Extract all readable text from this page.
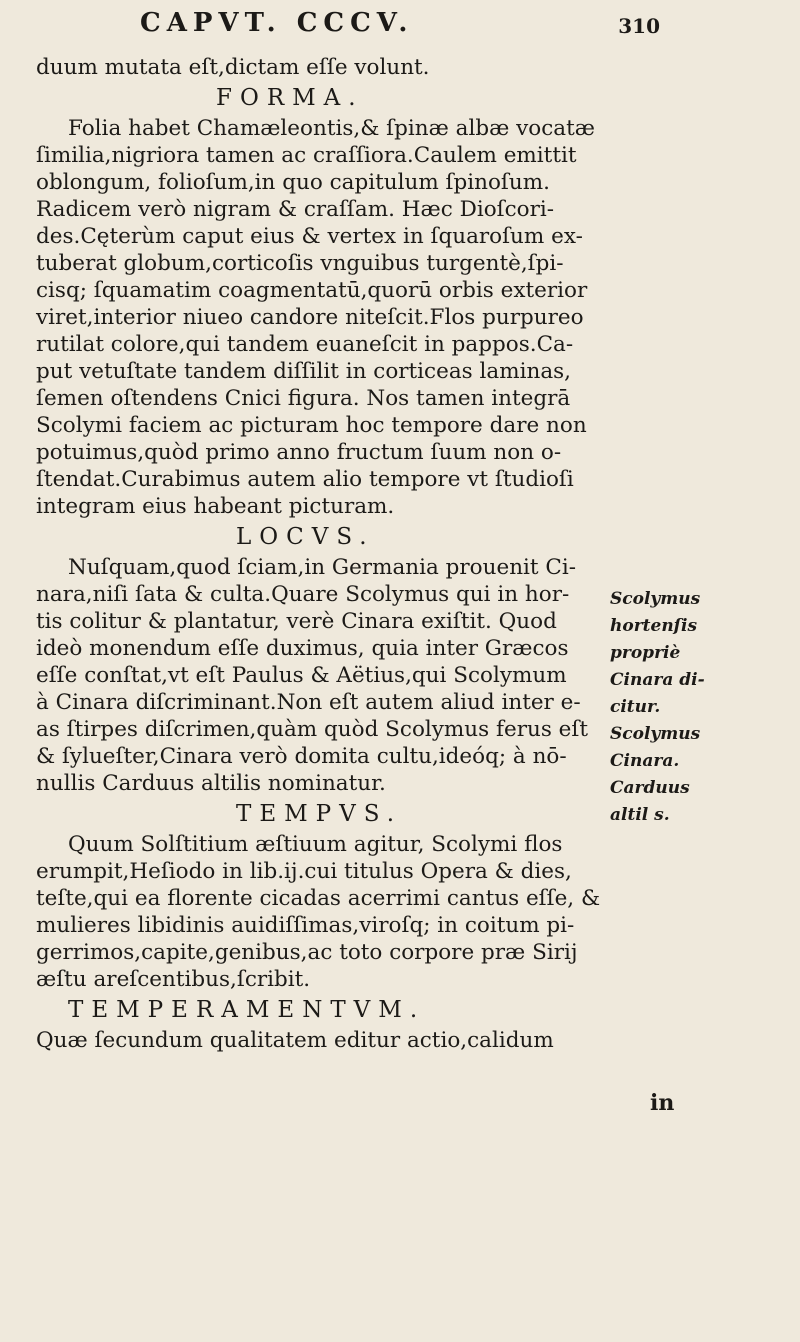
CAPVT. CCCV.	310
duum mutata eſt,dictam eſſe volunt.
FORMA.
Folia habet Chamæleontis,& ſpinæ albæ vocatæ
ſimilia,nigriora tamen ac craſſiora.Caulem emittit
oblongum, folioſum,in quo capitulum ſpinoſum.
Radicem verò nigram & craſſam. Hæc Dioſcori-
des.Cęterùm caput eius & vertex in ſquaroſum ex-
tuberat globum,corticoſis vnguibus turgentè,ſpi-
cisq; ſquamatim coagmentatū,quorū orbis exterior
viret,interior niueo candore niteſcit.Flos purpureo
rutilat colore,qui tandem euaneſcit in pappos.Ca-
put vetuſtate tandem diſſilit in corticeas laminas,
ſemen oſtendens Cnici figura. Nos tamen integrā
Scolymi faciem ac picturam hoc tempore dare non
potuimus,quòd primo anno fructum ſuum non o-
ſtendat.Curabimus autem alio tempore vt ſtudioſi
integram eius habeant picturam.
LOCVS.
Nuſquam,quod ſciam,in Germania prouenit Ci-
nara,niſi ſata & culta.Quare Scolymus qui in hor-
tis colitur & plantatur, verè Cinara exiſtit. Quod
ideò monendum eſſe duximus, quia inter Græcos
eſſe conſtat,vt eſt Paulus & Aëtius,qui Scolymum
à Cinara diſcriminant.Non eſt autem aliud inter e-
as ſtirpes diſcrimen,quàm quòd Scolymus ferus eſt
& ſylueſter,Cinara verò domita cultu,ideóq; à nō-
nullis Carduus altilis nominatur.
TEMPVS.
Quum Solſtitium æſtiuum agitur, Scolymi flos
erumpit,Heſiodo in lib.ij.cui titulus Opera & dies,
teſte,qui ea florente cicadas acerrimi cantus eſſe, &
mulieres libidinis auidiſſimas,viroſq; in coitum pi-
gerrimos,capite,genibus,ac toto corpore præ Sirij
æſtu areſcentibus,ſcribit.
TEMPERAMENTVM.
Quæ ſecundum qualitatem editur actio,calidum
Scolymus
hortenſis
propriè
Cinara di-
citur.
Scolymus
Cinara.
Carduus
altil s.
in
